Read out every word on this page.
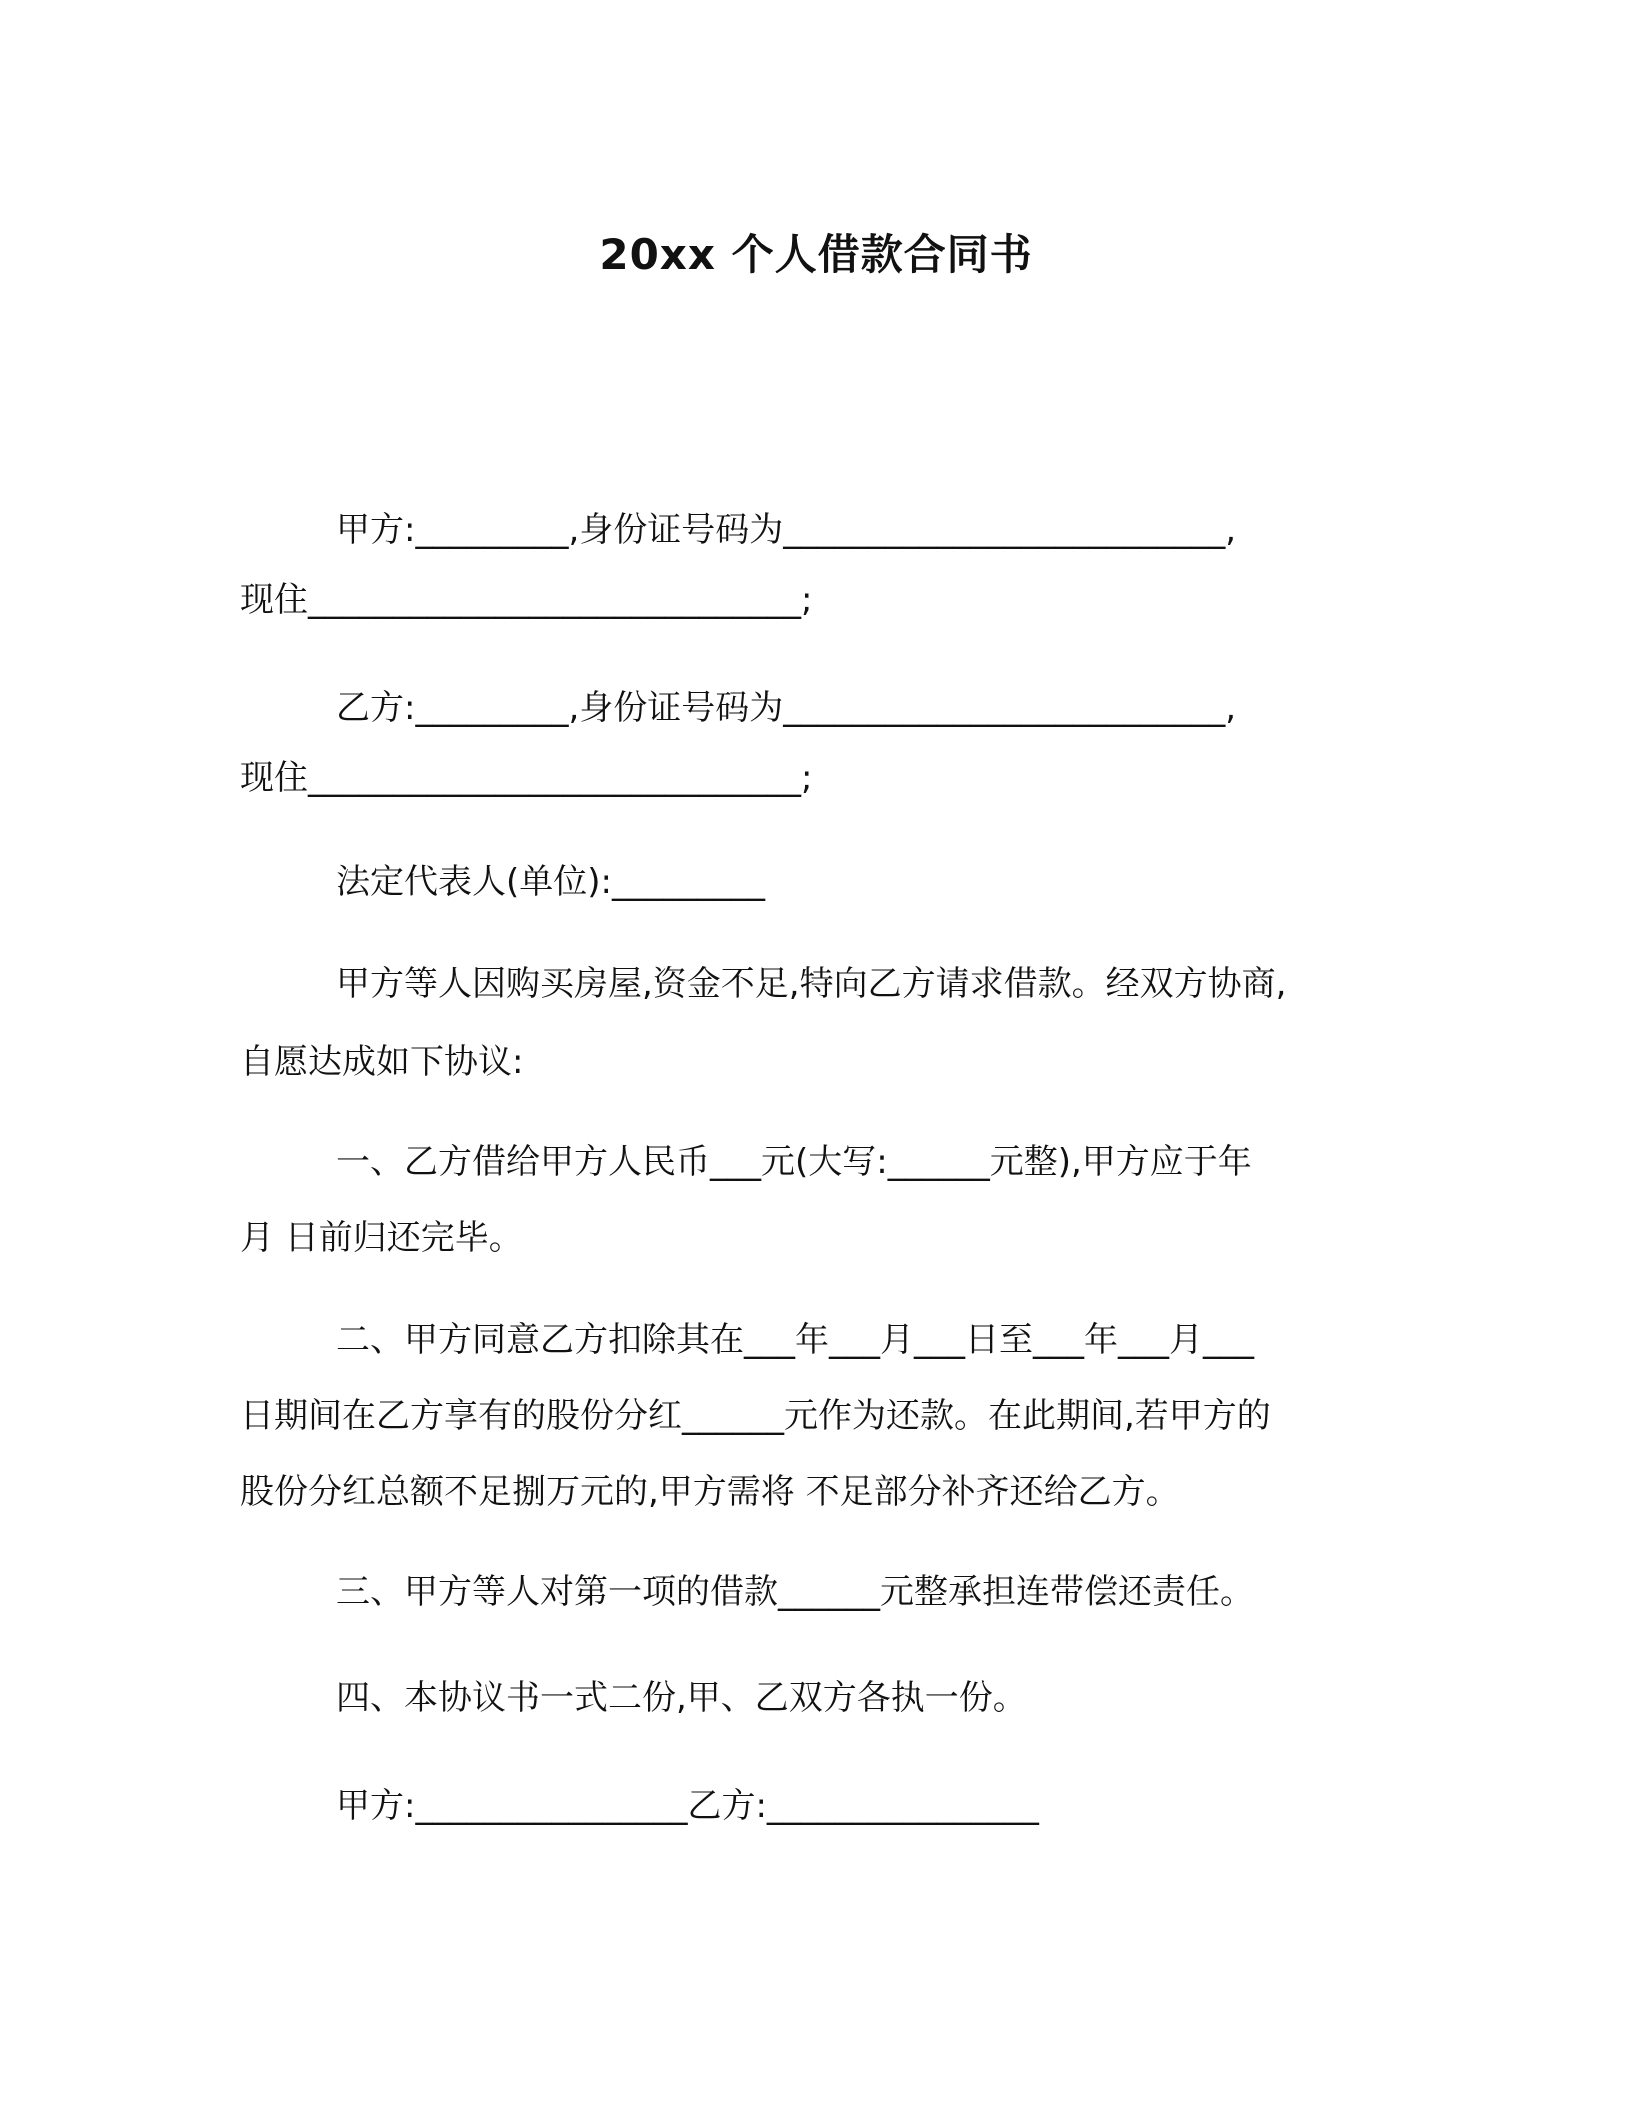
20xx 个人借款合同书

甲方:_________,身份证号码为__________________________,

现住_____________________________;

乙方:_________,身份证号码为__________________________,

现住_____________________________;

法定代表人(单位):_________

甲方等人因购买房屋,资金不足,特向乙方请求借款。经双方协商,

自愿达成如下协议:

一、乙方借给甲方人民币___元(大写:______元整),甲方应于年

月 日前归还完毕。

二、甲方同意乙方扣除其在___年___月___日至___年___月___

日期间在乙方享有的股份分红______元作为还款。在此期间,若甲方的

股份分红总额不足捌万元的,甲方需将 不足部分补齐还给乙方。

三、甲方等人对第一项的借款______元整承担连带偿还责任。

四、本协议书一式二份,甲、乙双方各执一份。

甲方:________________乙方:________________
